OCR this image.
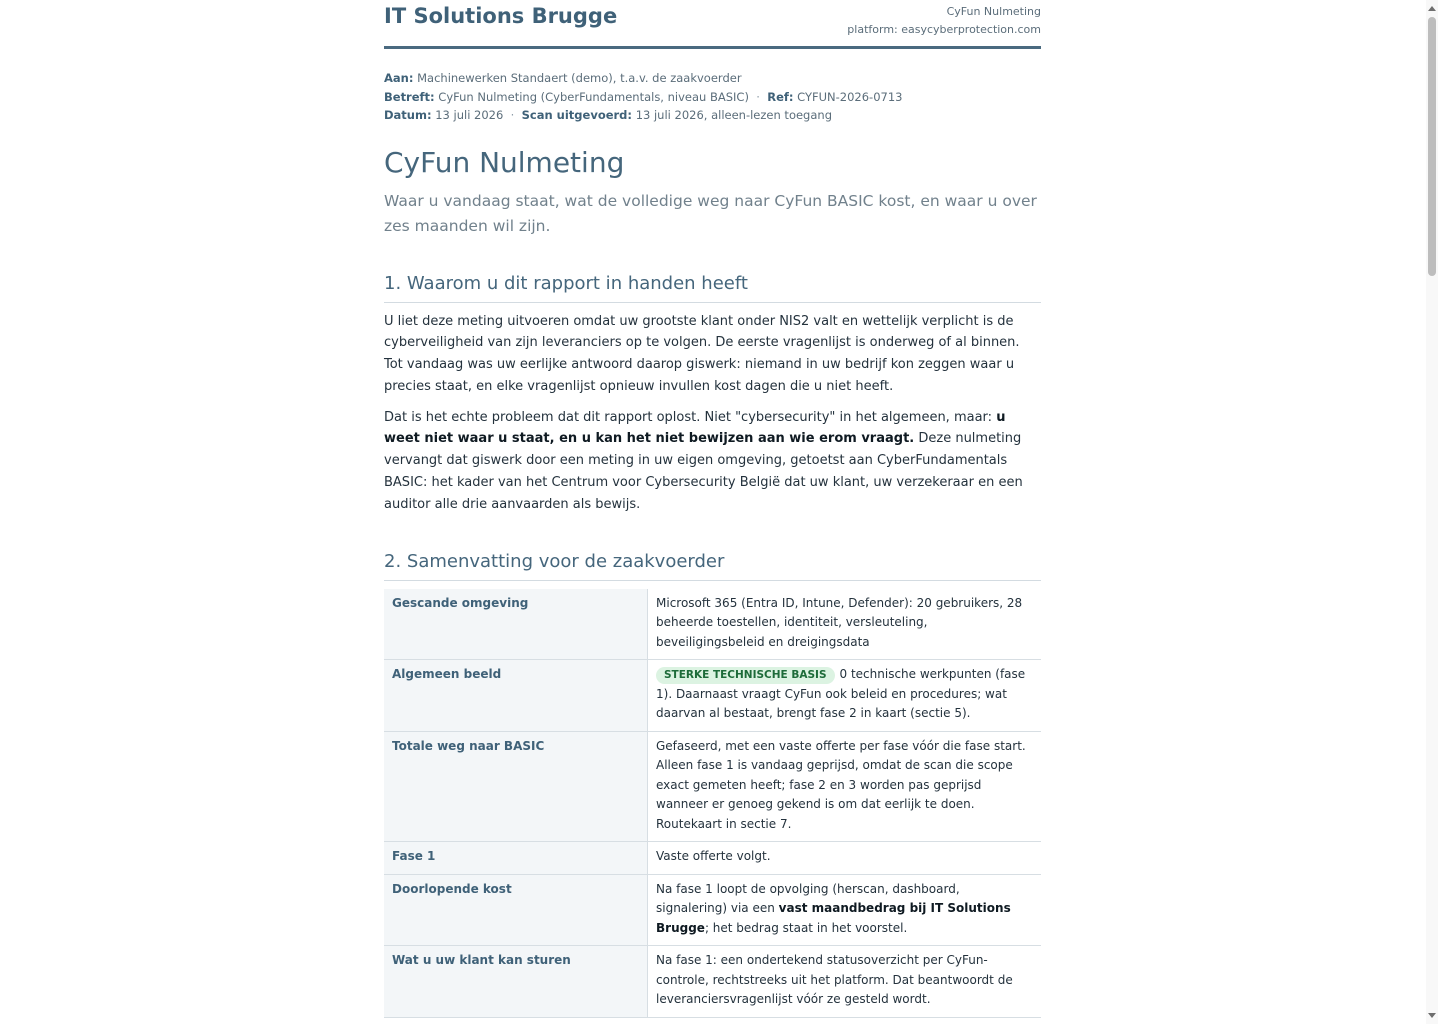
IT Solutions Brugge	CyFun Nulmeting
platform: easycyberprotection.com
Aan: Machinewerken Standaert (demo), t.a.v. de zaakvoerder
Betreft: CyFun Nulmeting (CyberFundamentals, niveau BASIC) · Ref: CYFUN-2026-0713
Datum: 13 juli 2026 · Scan uitgevoerd: 13 juli 2026, alleen-lezen toegang
CyFun Nulmeting
Waar u vandaag staat, wat de volledige weg naar CyFun BASIC kost, en waar u over zes maanden wil zijn.
1. Waarom u dit rapport in handen heeft

U liet deze meting uitvoeren omdat uw grootste klant onder NIS2 valt en wettelijk verplicht is de cyberveiligheid van zijn leveranciers op te volgen. De eerste vragenlijst is onderweg of al binnen. Tot vandaag was uw eerlijke antwoord daarop giswerk: niemand in uw bedrijf kon zeggen waar u precies staat, en elke vragenlijst opnieuw invullen kost dagen die u niet heeft.

Dat is het echte probleem dat dit rapport oplost. Niet "cybersecurity" in het algemeen, maar: u weet niet waar u staat, en u kan het niet bewijzen aan wie erom vraagt. Deze nulmeting vervangt dat giswerk door een meting in uw eigen omgeving, getoetst aan CyberFundamentals BASIC: het kader van het Centrum voor Cybersecurity België dat uw klant, uw verzekeraar en een auditor alle drie aanvaarden als bewijs.

2. Samenvatting voor de zaakvoerder
Gescande omgeving	Microsoft 365 (Entra ID, Intune, Defender): 20 gebruikers, 28 beheerde toestellen, identiteit, versleuteling, beveiligingsbeleid en dreigingsdata
Algemeen beeld	STERKE TECHNISCHE BASIS 0 technische werkpunten (fase 1). Daarnaast vraagt CyFun ook beleid en procedures; wat daarvan al bestaat, brengt fase 2 in kaart (sectie 5).
Totale weg naar BASIC	Gefaseerd, met een vaste offerte per fase vóór die fase start. Alleen fase 1 is vandaag geprijsd, omdat de scan die scope exact gemeten heeft; fase 2 en 3 worden pas geprijsd wanneer er genoeg gekend is om dat eerlijk te doen. Routekaart in sectie 7.
Fase 1	Vaste offerte volgt.
Doorlopende kost	Na fase 1 loopt de opvolging (herscan, dashboard, signalering) via een vast maandbedrag bij IT Solutions Brugge; het bedrag staat in het voorstel.
Wat u uw klant kan sturen	Na fase 1: een ondertekend statusoverzicht per CyFun-controle, rechtstreeks uit het platform. Dat beantwoordt de leveranciersvragenlijst vóór ze gesteld wordt.
